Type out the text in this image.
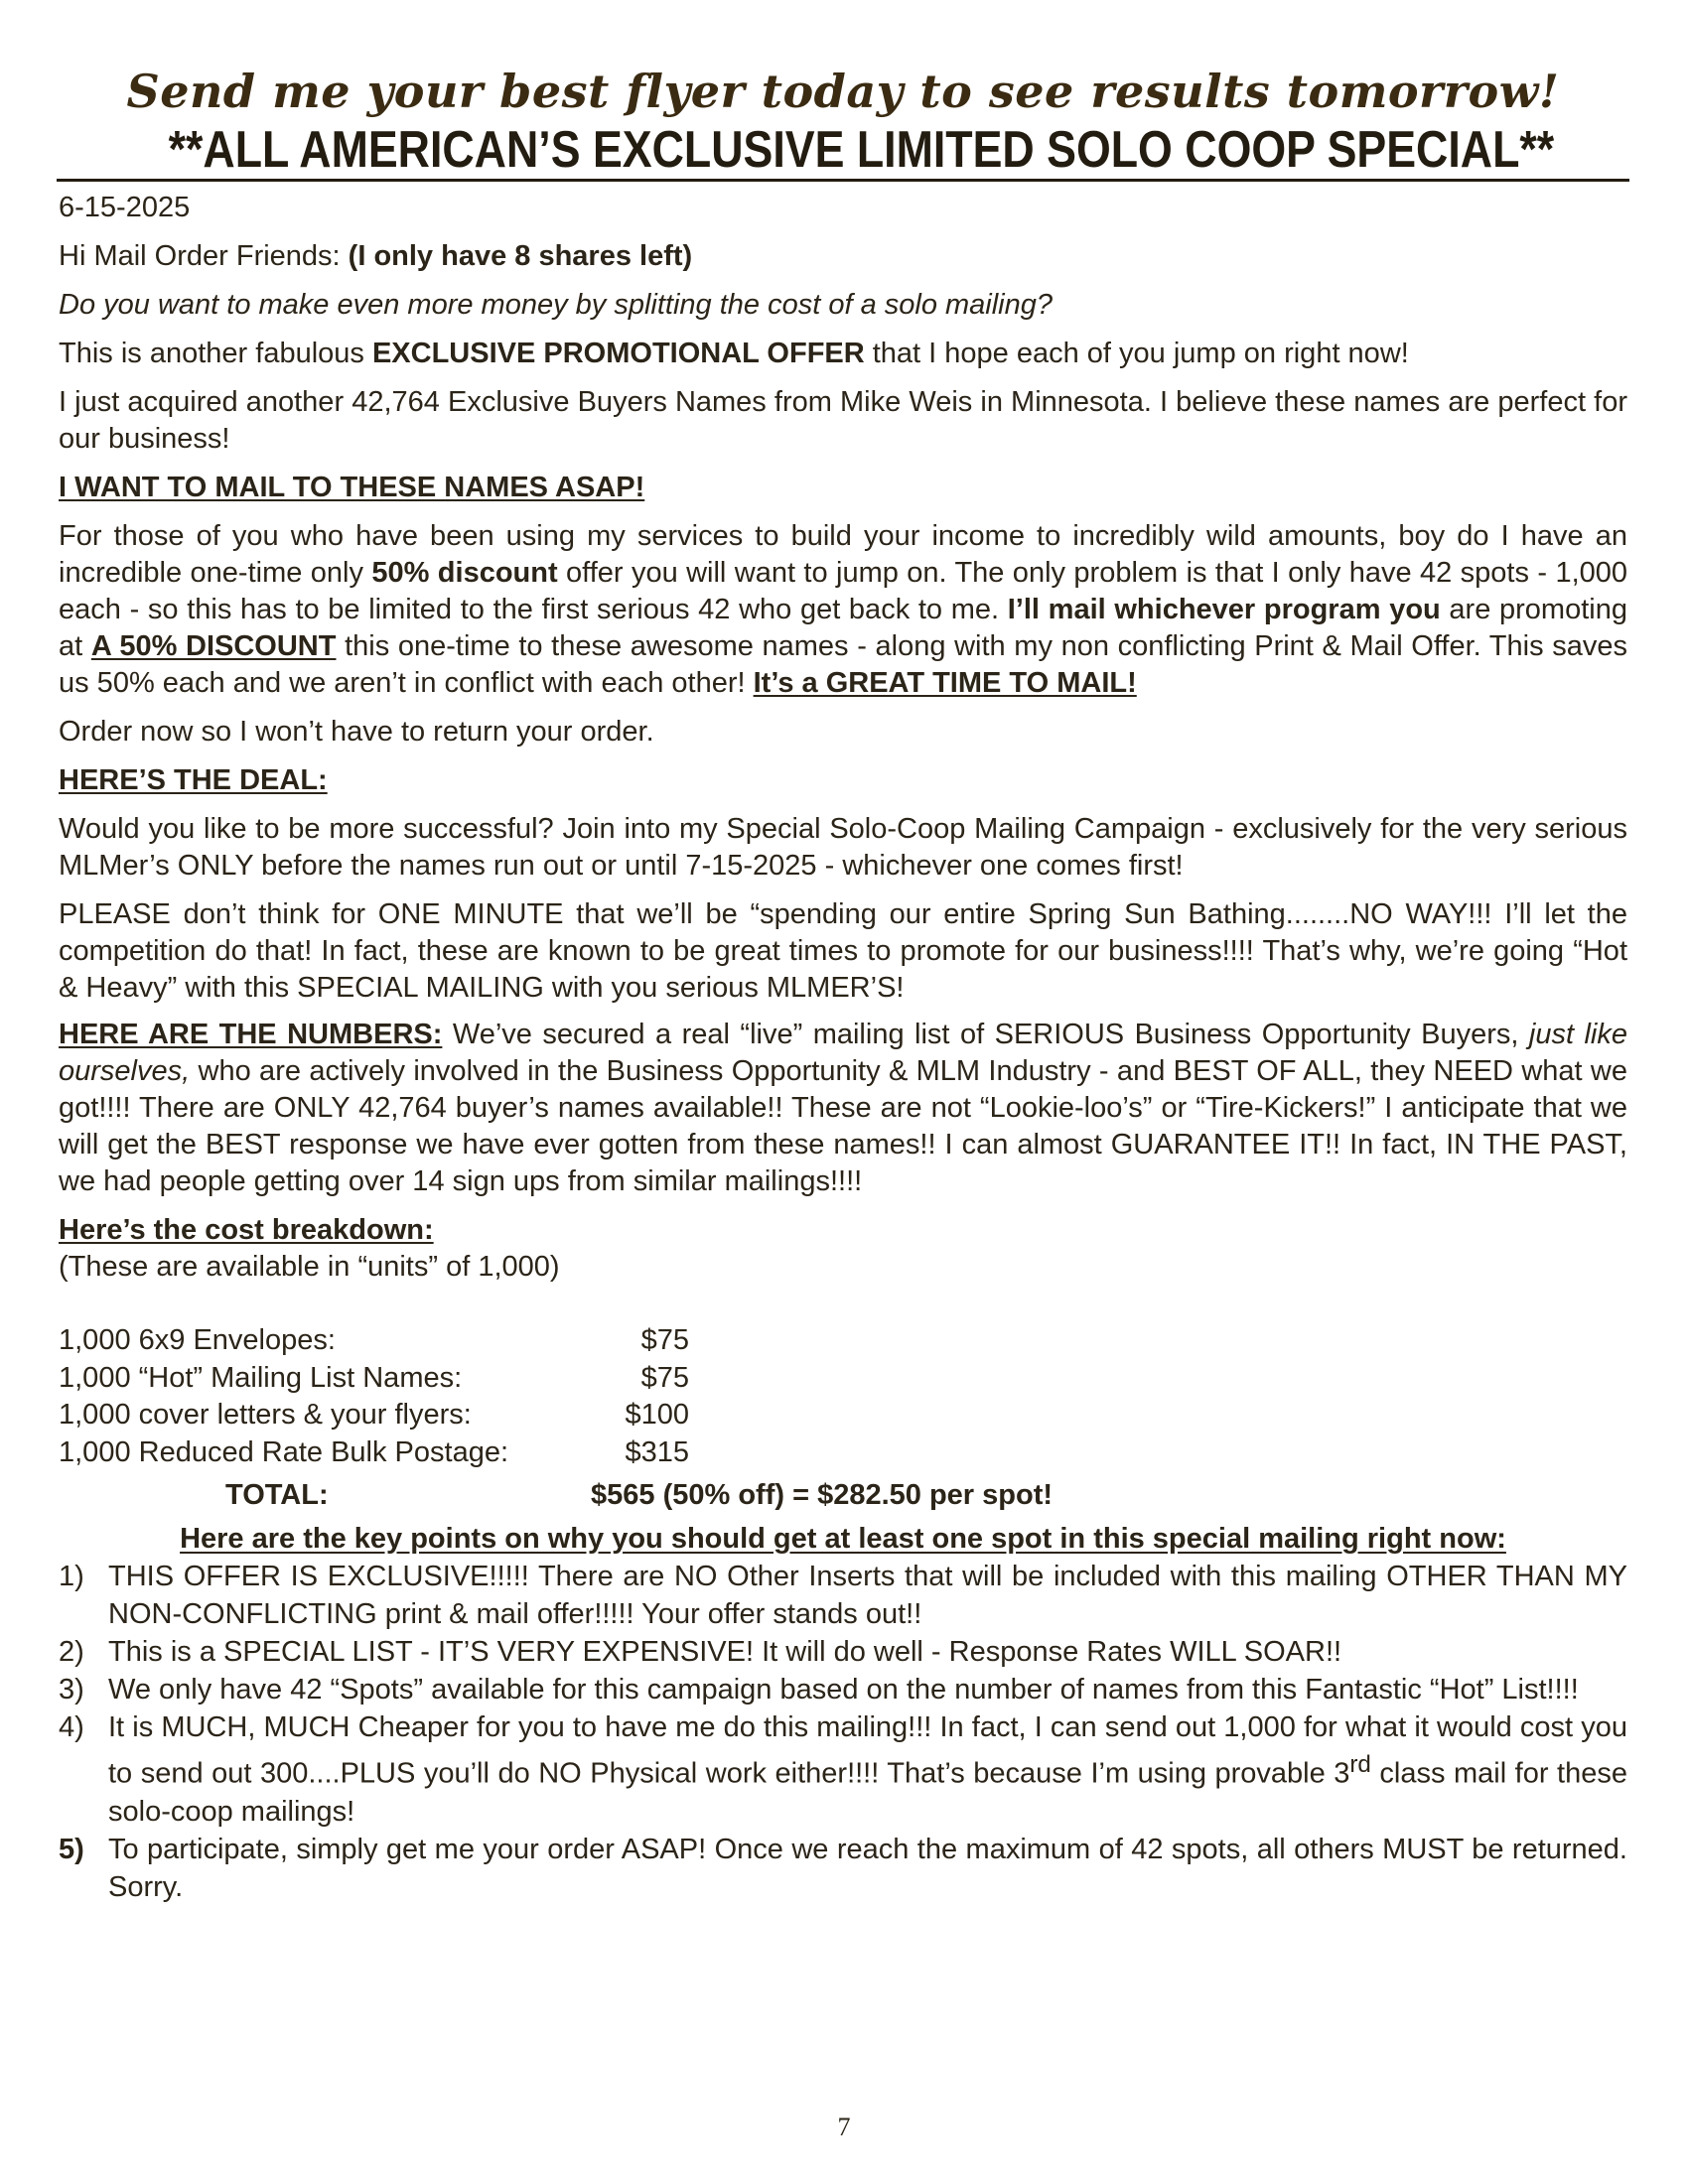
Send me your best flyer today to see results tomorrow!
**ALL AMERICAN’S EXCLUSIVE LIMITED SOLO COOP SPECIAL**

6-15-2025

Hi Mail Order Friends: (I only have 8 shares left)

Do you want to make even more money by splitting the cost of a solo mailing?

This is another fabulous EXCLUSIVE PROMOTIONAL OFFER that I hope each of you jump on right now!

I just acquired another 42,764 Exclusive Buyers Names from Mike Weis in Minnesota. I believe these names are perfect for our business!

I WANT TO MAIL TO THESE NAMES ASAP!

For those of you who have been using my services to build your income to incredibly wild amounts, boy do I have an incredible one-time only 50% discount offer you will want to jump on. The only problem is that I only have 42 spots - 1,000 each - so this has to be limited to the first serious 42 who get back to me. I’ll mail whichever program you are promoting at A 50% DISCOUNT this one-time to these awesome names - along with my non conflicting Print & Mail Offer. This saves us 50% each and we aren’t in conflict with each other! It’s a GREAT TIME TO MAIL!

Order now so I won’t have to return your order.

HERE’S THE DEAL:

Would you like to be more successful? Join into my Special Solo-Coop Mailing Campaign - exclusively for the very serious MLMer’s ONLY before the names run out or until 7-15-2025 - whichever one comes first!

PLEASE don’t think for ONE MINUTE that we’ll be “spending our entire Spring Sun Bathing........NO WAY!!! I’ll let the competition do that! In fact, these are known to be great times to promote for our business!!!! That’s why, we’re going “Hot & Heavy” with this SPECIAL MAILING with you serious MLMER’S!

HERE ARE THE NUMBERS: We’ve secured a real “live” mailing list of SERIOUS Business Opportunity Buyers, just like ourselves, who are actively involved in the Business Opportunity & MLM Industry - and BEST OF ALL, they NEED what we got!!!! There are ONLY 42,764 buyer’s names available!! These are not “Lookie-loo’s” or “Tire-Kickers!” I anticipate that we will get the BEST response we have ever gotten from these names!! I can almost GUARANTEE IT!! In fact, IN THE PAST, we had people getting over 14 sign ups from similar mailings!!!!

Here’s the cost breakdown:

(These are available in “units” of 1,000)

1,000 6x9 Envelopes:	$75
1,000 “Hot” Mailing List Names:	$75
1,000 cover letters & your flyers:	$100
1,000 Reduced Rate Bulk Postage:	$315
TOTAL:	$565 (50% off) = $282.50 per spot!

Here are the key points on why you should get at least one spot in this special mailing right now:

1) THIS OFFER IS EXCLUSIVE!!!!! There are NO Other Inserts that will be included with this mailing OTHER THAN MY NON-CONFLICTING print & mail offer!!!!! Your offer stands out!!
2) This is a SPECIAL LIST - IT’S VERY EXPENSIVE! It will do well - Response Rates WILL SOAR!!
3) We only have 42 “Spots” available for this campaign based on the number of names from this Fantastic “Hot” List!!!!
4) It is MUCH, MUCH Cheaper for you to have me do this mailing!!! In fact, I can send out 1,000 for what it would cost you to send out 300....PLUS you’ll do NO Physical work either!!!! That’s because I’m using provable 3rd class mail for these solo-coop mailings!
5) To participate, simply get me your order ASAP! Once we reach the maximum of 42 spots, all others MUST be returned. Sorry.
7
